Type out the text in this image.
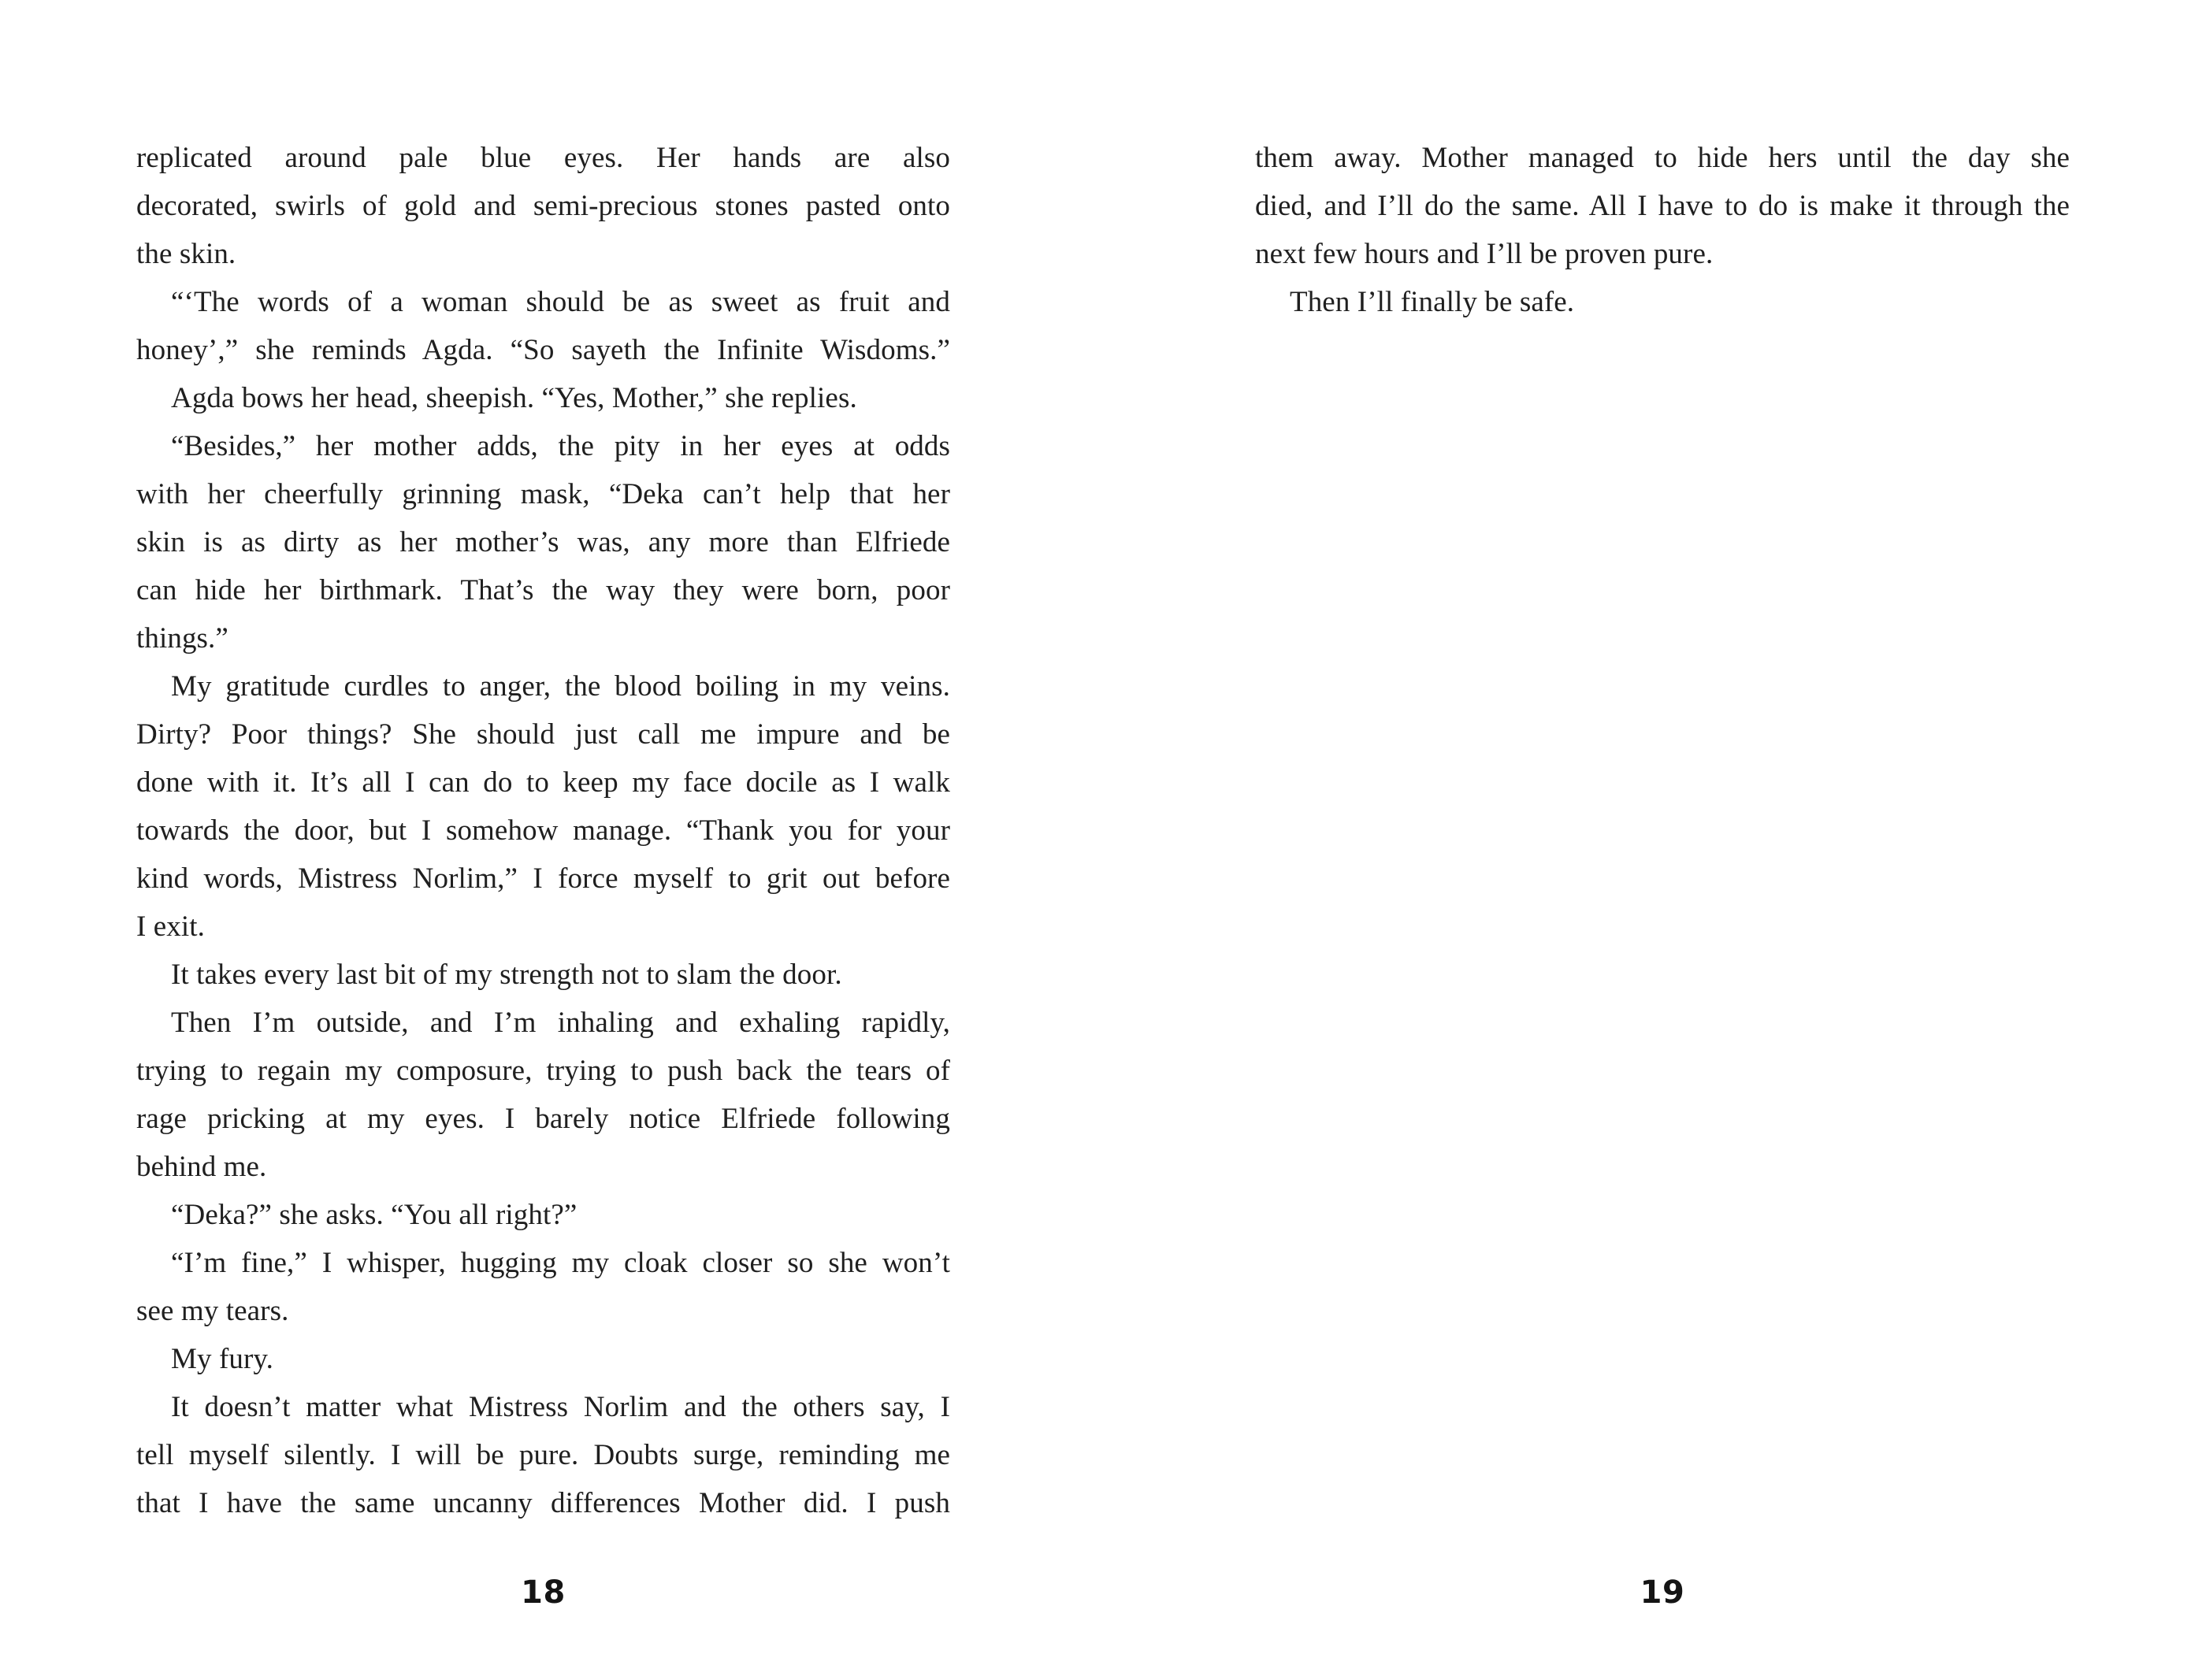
replicated around pale blue eyes. Her hands are also
decorated, swirls of gold and semi-precious stones pasted onto
the skin.
“‘The words of a woman should be as sweet as fruit and
honey’,” she reminds Agda. “So sayeth the Infinite Wisdoms.”
Agda bows her head, sheepish. “Yes, Mother,” she replies.
“Besides,” her mother adds, the pity in her eyes at odds
with her cheerfully grinning mask, “Deka can’t help that her
skin is as dirty as her mother’s was, any more than Elfriede
can hide her birthmark. That’s the way they were born, poor
things.”
My gratitude curdles to anger, the blood boiling in my veins.
Dirty? Poor things? She should just call me impure and be
done with it. It’s all I can do to keep my face docile as I walk
towards the door, but I somehow manage. “Thank you for your
kind words, Mistress Norlim,” I force myself to grit out before
I exit.
It takes every last bit of my strength not to slam the door.
Then I’m outside, and I’m inhaling and exhaling rapidly,
trying to regain my composure, trying to push back the tears of
rage pricking at my eyes. I barely notice Elfriede following
behind me.
“Deka?” she asks. “You all right?”
“I’m fine,” I whisper, hugging my cloak closer so she won’t
see my tears.
My fury.
It doesn’t matter what Mistress Norlim and the others say, I
tell myself silently. I will be pure. Doubts surge, reminding me
that I have the same uncanny differences Mother did. I push
18
them away. Mother managed to hide hers until the day she
died, and I’ll do the same. All I have to do is make it through the
next few hours and I’ll be proven pure.
Then I’ll finally be safe.
19
